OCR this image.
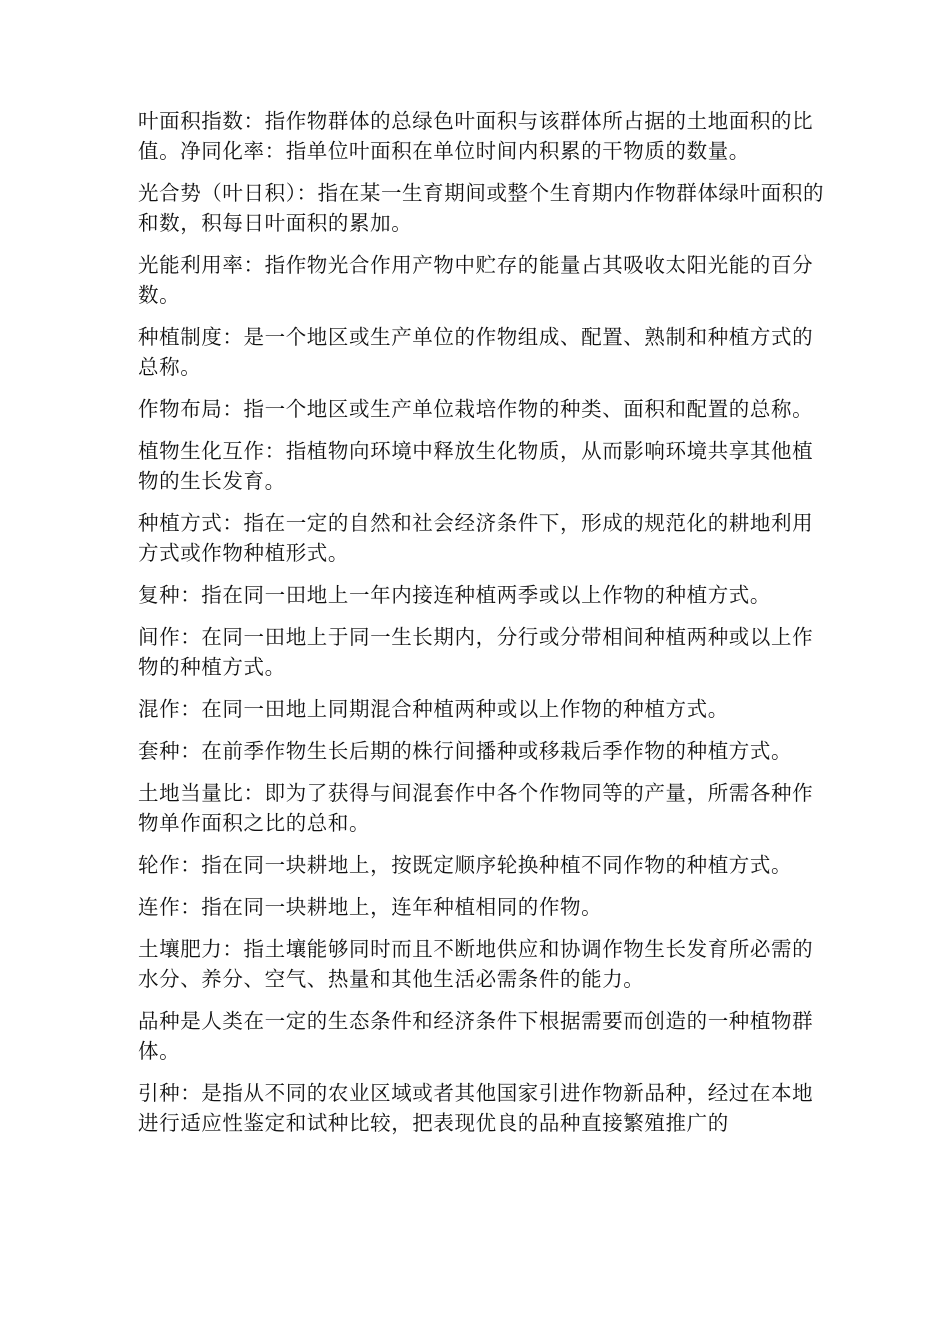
叶面积指数：指作物群体的总绿色叶面积与该群体所占据的土地面积的比值。净同化率：指单位叶面积在单位时间内积累的干物质的数量。

光合势（叶日积）：指在某一生育期间或整个生育期内作物群体绿叶面积的和数，积每日叶面积的累加。

光能利用率：指作物光合作用产物中贮存的能量占其吸收太阳光能的百分数。

种植制度：是一个地区或生产单位的作物组成、配置、熟制和种植方式的总称。

作物布局：指一个地区或生产单位栽培作物的种类、面积和配置的总称。

植物生化互作：指植物向环境中释放生化物质，从而影响环境共享其他植物的生长发育。

种植方式：指在一定的自然和社会经济条件下，形成的规范化的耕地利用方式或作物种植形式。

复种：指在同一田地上一年内接连种植两季或以上作物的种植方式。

间作：在同一田地上于同一生长期内，分行或分带相间种植两种或以上作物的种植方式。

混作：在同一田地上同期混合种植两种或以上作物的种植方式。

套种：在前季作物生长后期的株行间播种或移栽后季作物的种植方式。

土地当量比：即为了获得与间混套作中各个作物同等的产量，所需各种作物单作面积之比的总和。

轮作：指在同一块耕地上，按既定顺序轮换种植不同作物的种植方式。

连作：指在同一块耕地上，连年种植相同的作物。

土壤肥力：指土壤能够同时而且不断地供应和协调作物生长发育所必需的水分、养分、空气、热量和其他生活必需条件的能力。

品种是人类在一定的生态条件和经济条件下根据需要而创造的一种植物群体。

引种：是指从不同的农业区域或者其他国家引进作物新品种，经过在本地进行适应性鉴定和试种比较，把表现优良的品种直接繁殖推广的
